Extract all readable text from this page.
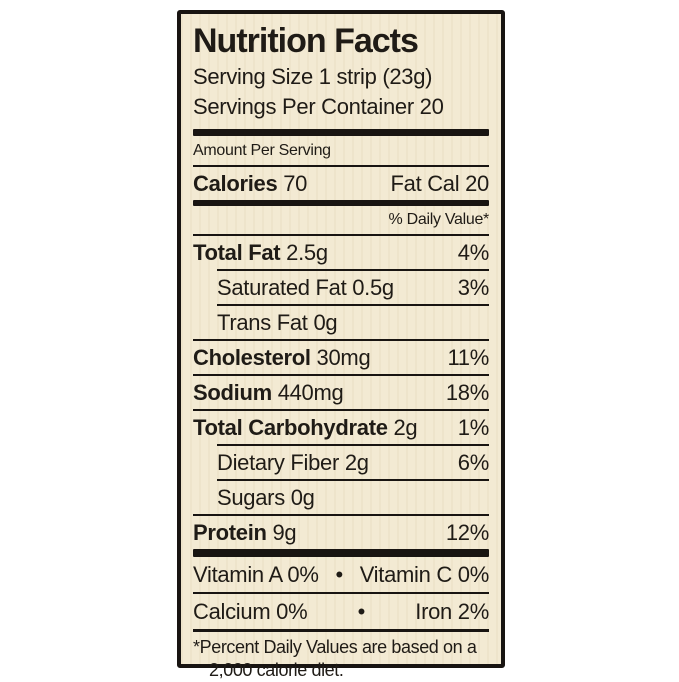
Nutrition Facts
Serving Size 1 strip (23g)
Servings Per Container 20
Amount Per Serving
Calories 70	Fat Cal 20
% Daily Value*
Total Fat 2.5g	4%
Saturated Fat 0.5g	3%
Trans Fat 0g
Cholesterol 30mg	11%
Sodium 440mg	18%
Total Carbohydrate 2g 1%
Dietary Fiber 2g	6%
Sugars 0g
Protein 9g	12%
Vitamin A 0% • Vitamin C 0%
Calcium 0% • Iron 2%
*Percent Daily Values are based on a
2,000 calorie diet.
